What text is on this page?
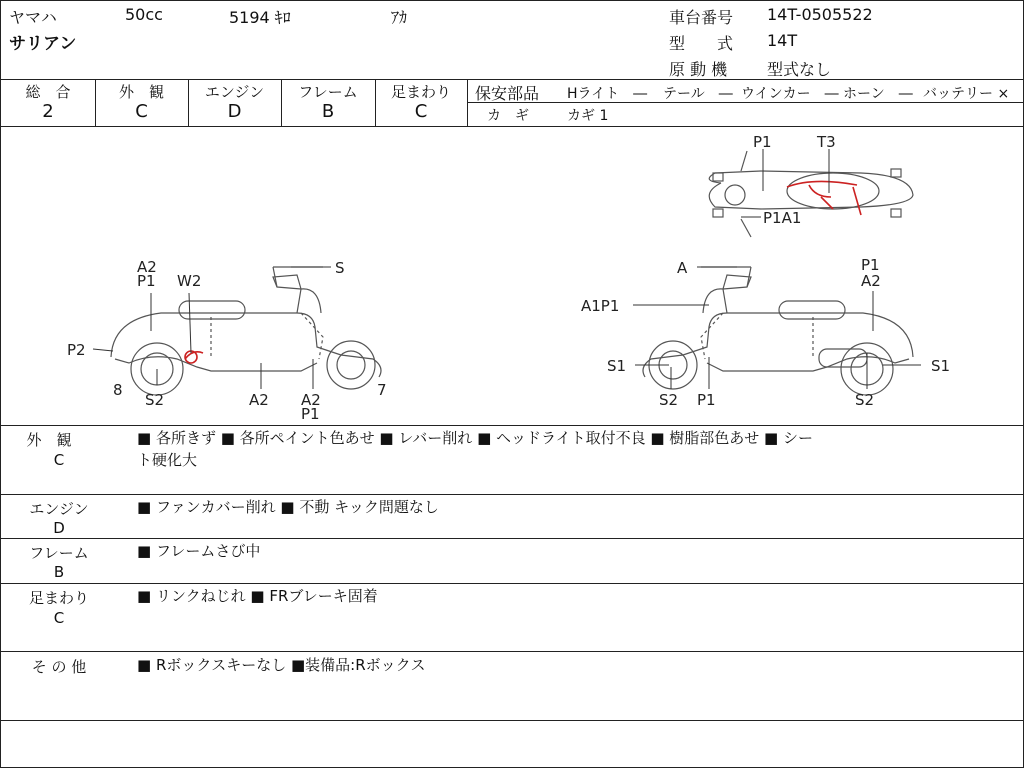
ヤマハ	50cc	5194 ｷﾛ	ｱｶ
サリアン
車台番号 14T-0505522
型　　式 14T
原 動 機 型式なし
総　合
2
外　観
C
エンジン
D
フレーム
B
足まわり
C
保安部品 Hライト　― テール　― ウインカー　― ホーン　― バッテリー ×
カ　ギ	カギ 1
A2
P1 W2
S
P2
8
S2	A2 A2
P1
7
A
A1P1
P1
A2
S1	S1
S2 P1	S2
P1	T3
P1A1
外　観
C
■ 各所きず ■ 各所ペイント色あせ ■ レバー削れ ■ ヘッドライト取付不良 ■ 樹脂部色あせ ■ シー
ト硬化大
エンジン
D
■ ファンカバー削れ ■ 不動 キック問題なし
フレーム
B
■ フレームさび中
足まわり
C
■ リンクねじれ ■ FRブレーキ固着
そ の 他	■ Rボックスキーなし ■装備品:Rボックス
